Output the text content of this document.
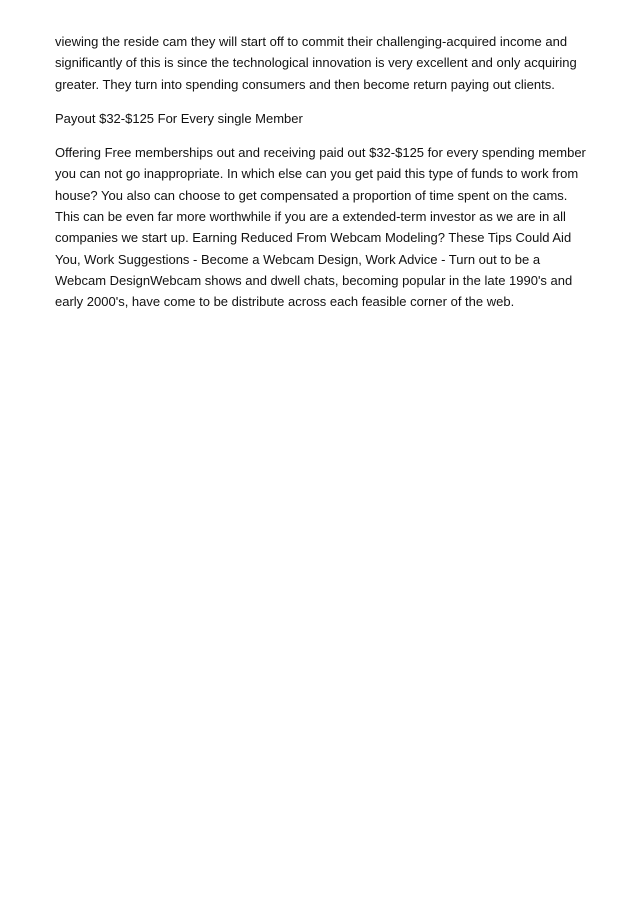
viewing the reside cam they will start off to commit their challenging-acquired income and
significantly of this is since the technological innovation is very excellent and only acquiring
greater. They turn into spending consumers and then become return paying out clients.
Payout $32-$125 For Every single Member
Offering Free memberships out and receiving paid out $32-$125 for every spending member
you can not go inappropriate. In which else can you get paid this type of funds to work from
house? You also can choose to get compensated a proportion of time spent on the cams.
This can be even far more worthwhile if you are a extended-term investor as we are in all
companies we start up. Earning Reduced From Webcam Modeling? These Tips Could Aid
You, Work Suggestions - Become a Webcam Design, Work Advice - Turn out to be a
Webcam DesignWebcam shows and dwell chats, becoming popular in the late 1990's and
early 2000's, have come to be distribute across each feasible corner of the web.
